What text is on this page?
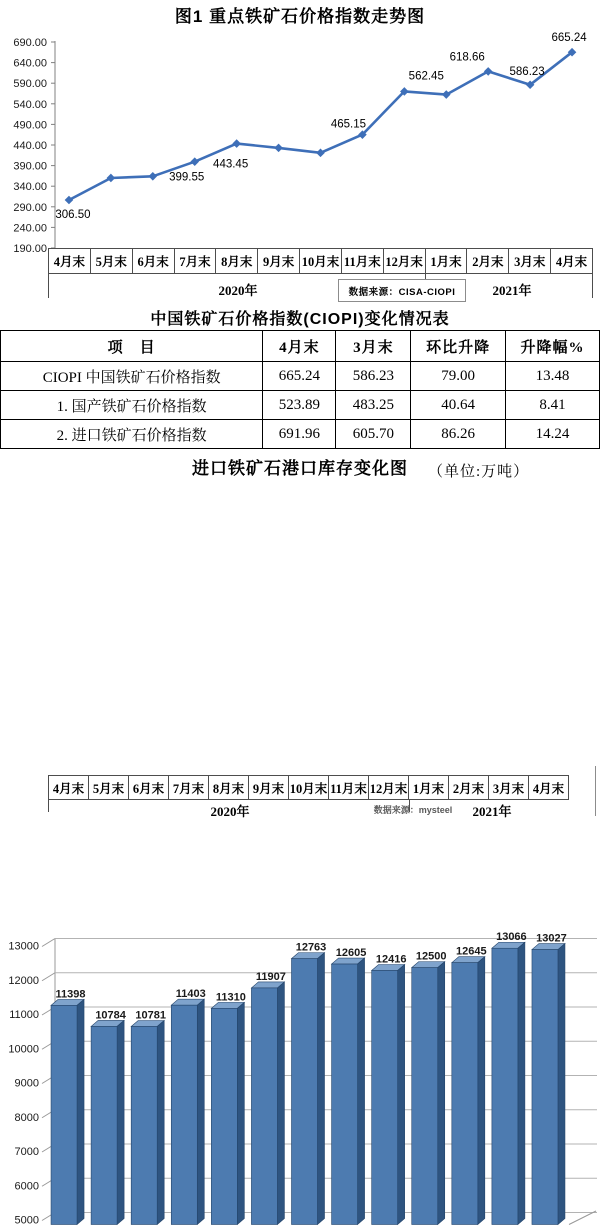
图1 重点铁矿石价格指数走势图
690.00
640.00
590.00
540.00
490.00
440.00
390.00
340.00
290.00
240.00
190.00
306.50
399.55
443.45
465.15
562.45
618.66
586.23
665.24
4月末 5月末 6月末 7月末 8月末 9月末 10月末 11月末 12月末 1月末 2月末 3月末 4月末
2020年	2021年
数据来源：CISA-CIOPI
中国铁矿石价格指数(CIOPI)变化情况表
项　目	4月末	3月末	环比升降	升降幅%
CIOPI 中国铁矿石价格指数	665.24	586.23	79.00	13.48
1. 国产铁矿石价格指数	523.89	483.25	40.64	8.41
2. 进口铁矿石价格指数	691.96	605.70	86.26	14.24
进口铁矿石港口库存变化图 （单位:万吨）
13000
12000
11000
10000
9000
8000
7000
6000
5000
11398
10784 10781
11403 11310
11907
12763 12605
12416 12500 12645
13066 13027
4月末 5月末 6月末 7月末 8月末 9月末 10月末 11月末 12月末 1月末 2月末 3月末 4月末
2020年	2021年
数据来源：mysteel
